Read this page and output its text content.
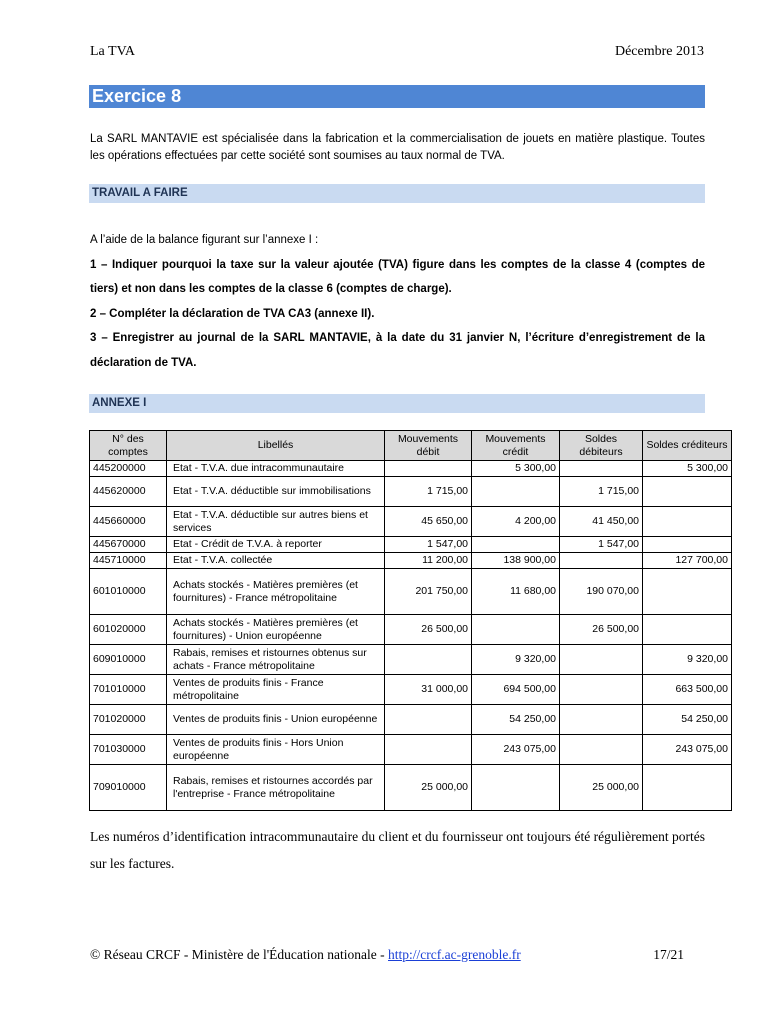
La TVA	Décembre 2013
Exercice 8
La SARL MANTAVIE est spécialisée dans la fabrication et la commercialisation de jouets en matière plastique. Toutes les opérations effectuées par cette société sont soumises au taux normal de TVA.
TRAVAIL A FAIRE

A l’aide de la balance figurant sur l’annexe I :

1 – Indiquer pourquoi la taxe sur la valeur ajoutée (TVA) figure dans les comptes de la classe 4 (comptes de tiers) et non dans les comptes de la classe 6 (comptes de charge).

2 – Compléter la déclaration de TVA CA3 (annexe II).

3 – Enregistrer au journal de la SARL MANTAVIE, à la date du 31 janvier N, l’écriture d’enregistrement de la déclaration de TVA.

ANNEXE I
N° des comptes	Libellés	Mouvements débit	Mouvements crédit	Soldes débiteurs	Soldes créditeurs
445200000	Etat - T.V.A. due intracommunautaire		5 300,00		5 300,00
445620000	Etat - T.V.A. déductible sur immobilisations	1 715,00		1 715,00	
445660000	Etat - T.V.A. déductible sur autres biens et services	45 650,00	4 200,00	41 450,00	
445670000	Etat - Crédit de T.V.A. à reporter	1 547,00		1 547,00	
445710000	Etat - T.V.A. collectée	11 200,00	138 900,00		127 700,00
601010000	Achats stockés - Matières premières (et fournitures) - France métropolitaine	201 750,00	11 680,00	190 070,00	
601020000	Achats stockés - Matières premières (et fournitures) - Union européenne	26 500,00		26 500,00	
609010000	Rabais, remises et ristournes obtenus sur achats - France métropolitaine		9 320,00		9 320,00
701010000	Ventes de produits finis - France métropolitaine	31 000,00	694 500,00		663 500,00
701020000	Ventes de produits finis - Union européenne		54 250,00		54 250,00
701030000	Ventes de produits finis - Hors Union européenne		243 075,00		243 075,00
709010000	Rabais, remises et ristournes accordés par l'entreprise - France métropolitaine	25 000,00		25 000,00	
Les numéros d’identification intracommunautaire du client et du fournisseur ont toujours été régulièrement portés sur les factures.
© Réseau CRCF - Ministère de l'Éducation nationale - http://crcf.ac-grenoble.fr	17/21
